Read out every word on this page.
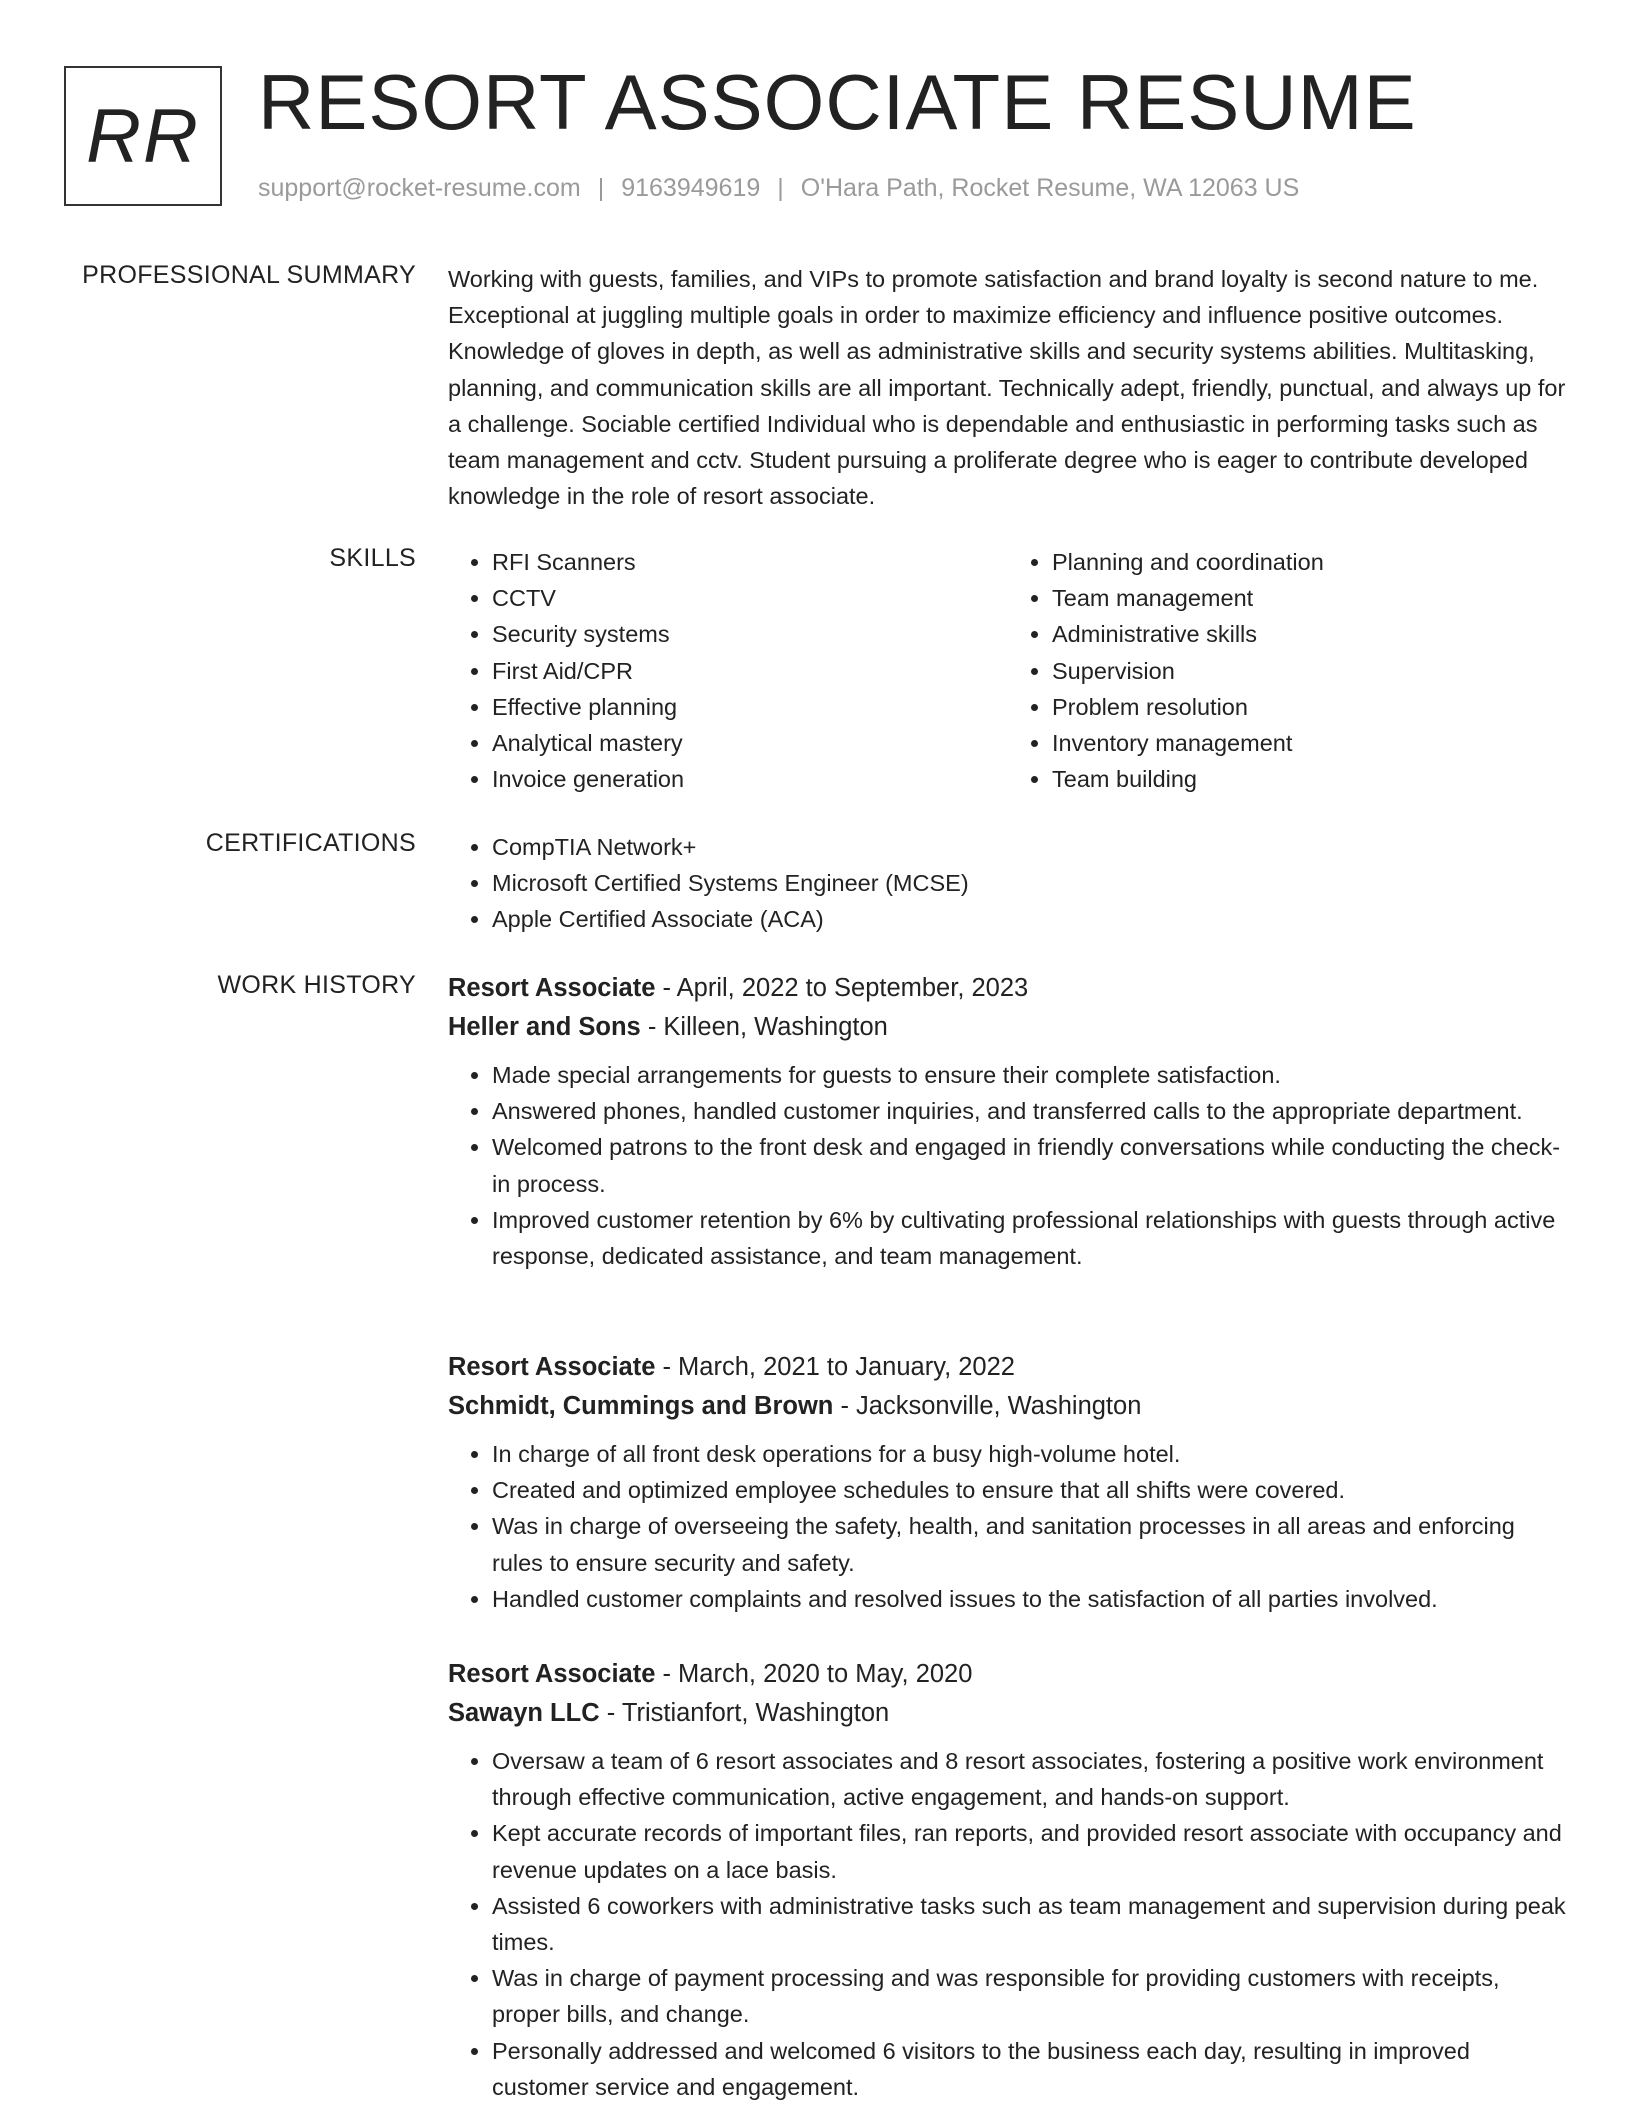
RR RESORT ASSOCIATE RESUME
support@rocket-resume.com | 9163949619 | O'Hara Path, Rocket Resume, WA 12063 US
PROFESSIONAL SUMMARY Working with guests, families, and VIPs to promote satisfaction and brand loyalty is second nature to me. Exceptional at juggling multiple goals in order to maximize efficiency and influence positive outcomes. Knowledge of gloves in depth, as well as administrative skills and security systems abilities. Multitasking, planning, and communication skills are all important. Technically adept, friendly, punctual, and always up for a challenge. Sociable certified Individual who is dependable and enthusiastic in performing tasks such as team management and cctv. Student pursuing a proliferate degree who is eager to contribute developed knowledge in the role of resort associate.
SKILLS	• RFI Scanners
• CCTV
• Security systems
• First Aid/CPR
• Effective planning
• Analytical mastery
• Invoice generation
• Planning and coordination
• Team management
• Administrative skills
• Supervision
• Problem resolution
• Inventory management
• Team building
CERTIFICATIONS	• CompTIA Network+
• Microsoft Certified Systems Engineer (MCSE)
• Apple Certified Associate (ACA)
WORK HISTORY Resort Associate - April, 2022 to September, 2023
Heller and Sons - Killeen, Washington
• Made special arrangements for guests to ensure their complete satisfaction.
• Answered phones, handled customer inquiries, and transferred calls to the appropriate department.
• Welcomed patrons to the front desk and engaged in friendly conversations while conducting the check-in process.
• Improved customer retention by 6% by cultivating professional relationships with guests through active response, dedicated assistance, and team management.
Resort Associate - March, 2021 to January, 2022
Schmidt, Cummings and Brown - Jacksonville, Washington
• In charge of all front desk operations for a busy high-volume hotel.
• Created and optimized employee schedules to ensure that all shifts were covered.
• Was in charge of overseeing the safety, health, and sanitation processes in all areas and enforcing rules to ensure security and safety.
• Handled customer complaints and resolved issues to the satisfaction of all parties involved.
Resort Associate - March, 2020 to May, 2020
Sawayn LLC - Tristianfort, Washington
• Oversaw a team of 6 resort associates and 8 resort associates, fostering a positive work environment through effective communication, active engagement, and hands-on support.
• Kept accurate records of important files, ran reports, and provided resort associate with occupancy and revenue updates on a lace basis.
• Assisted 6 coworkers with administrative tasks such as team management and supervision during peak times.
• Was in charge of payment processing and was responsible for providing customers with receipts, proper bills, and change.
• Personally addressed and welcomed 6 visitors to the business each day, resulting in improved customer service and engagement.
